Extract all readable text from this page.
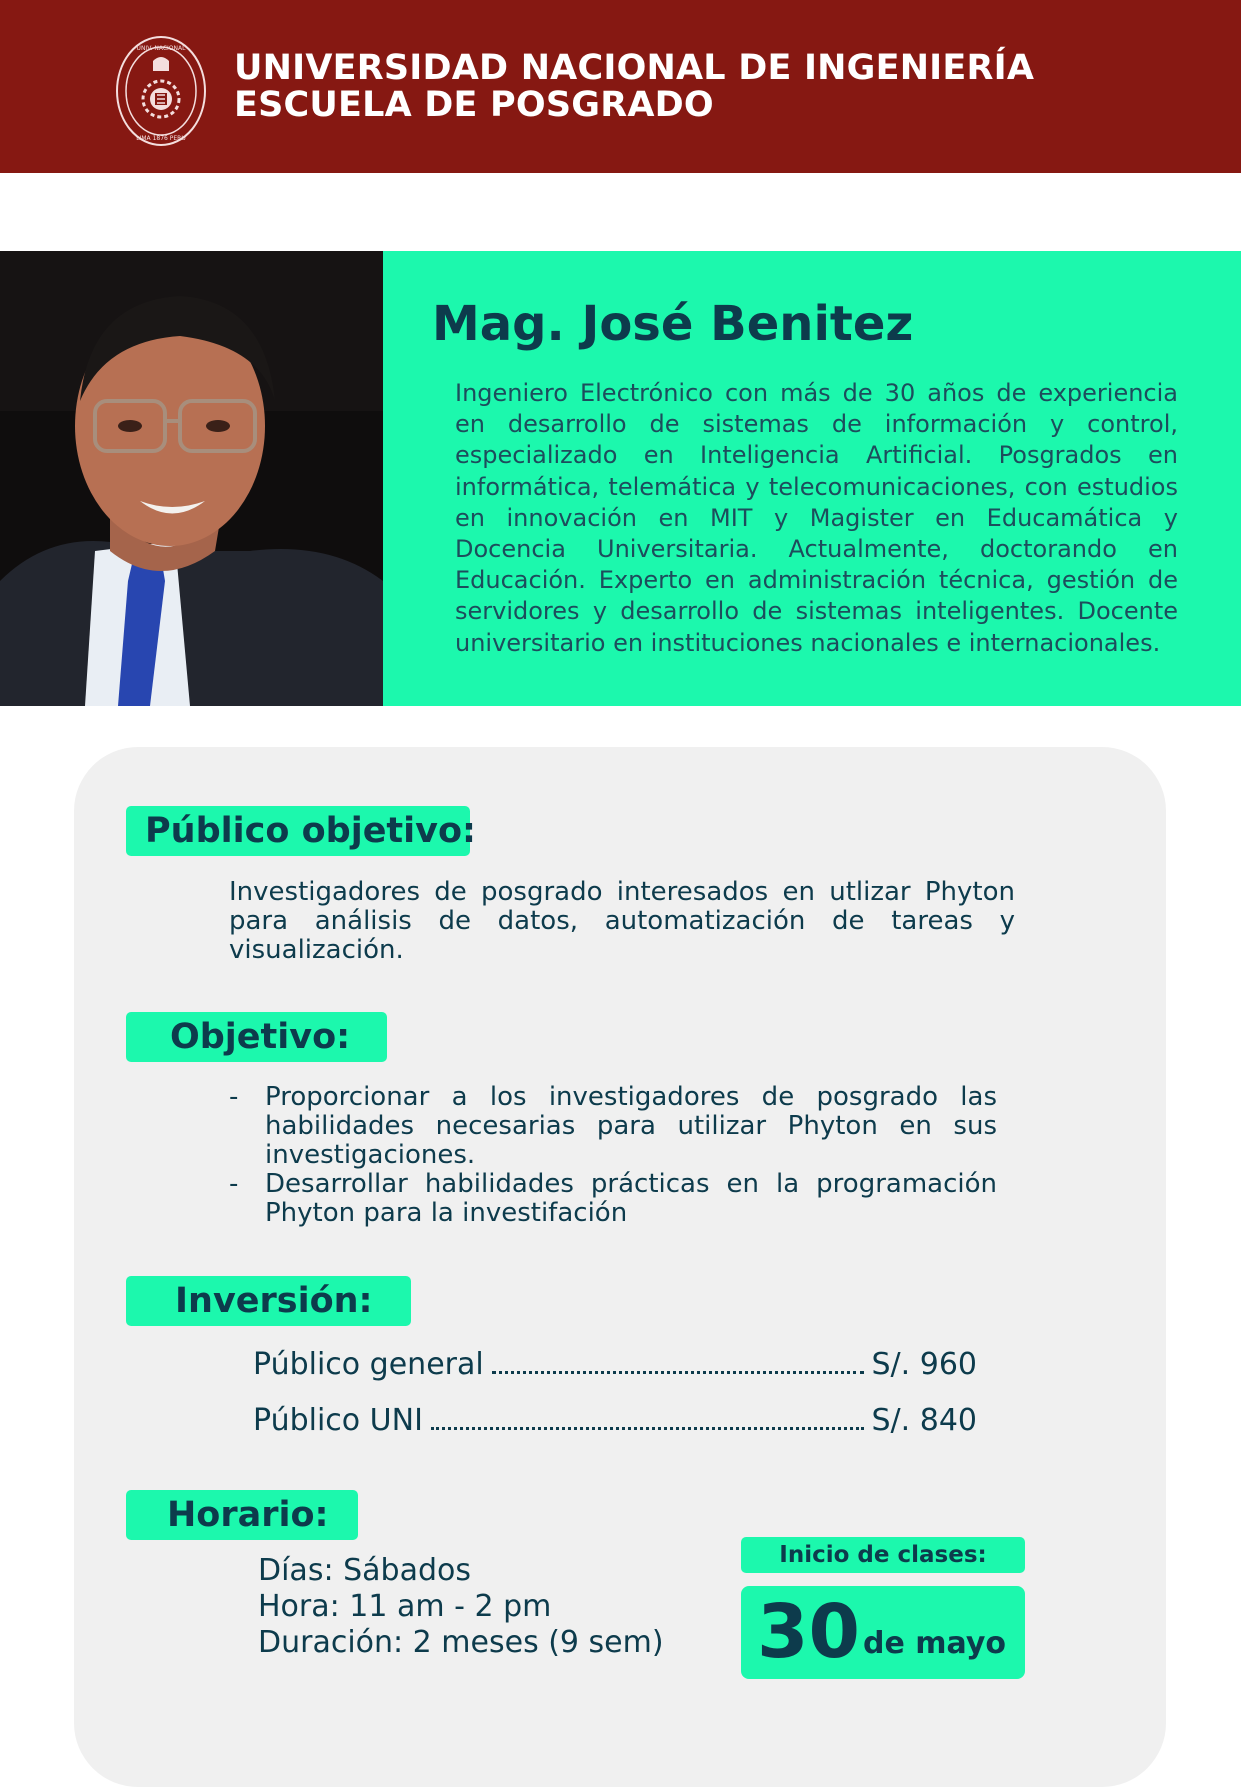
UNIV. NACIONAL
LIMA 1876 PERU
UNIVERSIDAD NACIONAL DE INGENIERÍA
ESCUELA DE POSGRADO
Mag. José Benitez

Ingeniero Electrónico con más de 30 años de experiencia en desarrollo de sistemas de información y control, especializado en Inteligencia Artificial. Posgrados en informática, telemática y telecomunicaciones, con estudios en innovación en MIT y Magister en Educamática y Docencia Universitaria. Actualmente, doctorando en Educación. Experto en administración técnica, gestión de servidores y desarrollo de sistemas inteligentes. Docente universitario en instituciones nacionales e internacionales.

Público objetivo:

Investigadores de posgrado interesados en utlizar Phyton para análisis de datos, automatización de tareas y visualización.

Objetivo:
- Proporcionar a los investigadores de posgrado las habilidades necesarias para utilizar Phyton en sus investigaciones.
- Desarrollar habilidades prácticas en la programación Phyton para la investifación
Inversión:
Público general	S/. 960
Público UNI	S/. 840
Horario:
Días: Sábados
Hora: 11 am - 2 pm
Duración: 2 meses (9 sem)
Inicio de clases:
30 de mayo
